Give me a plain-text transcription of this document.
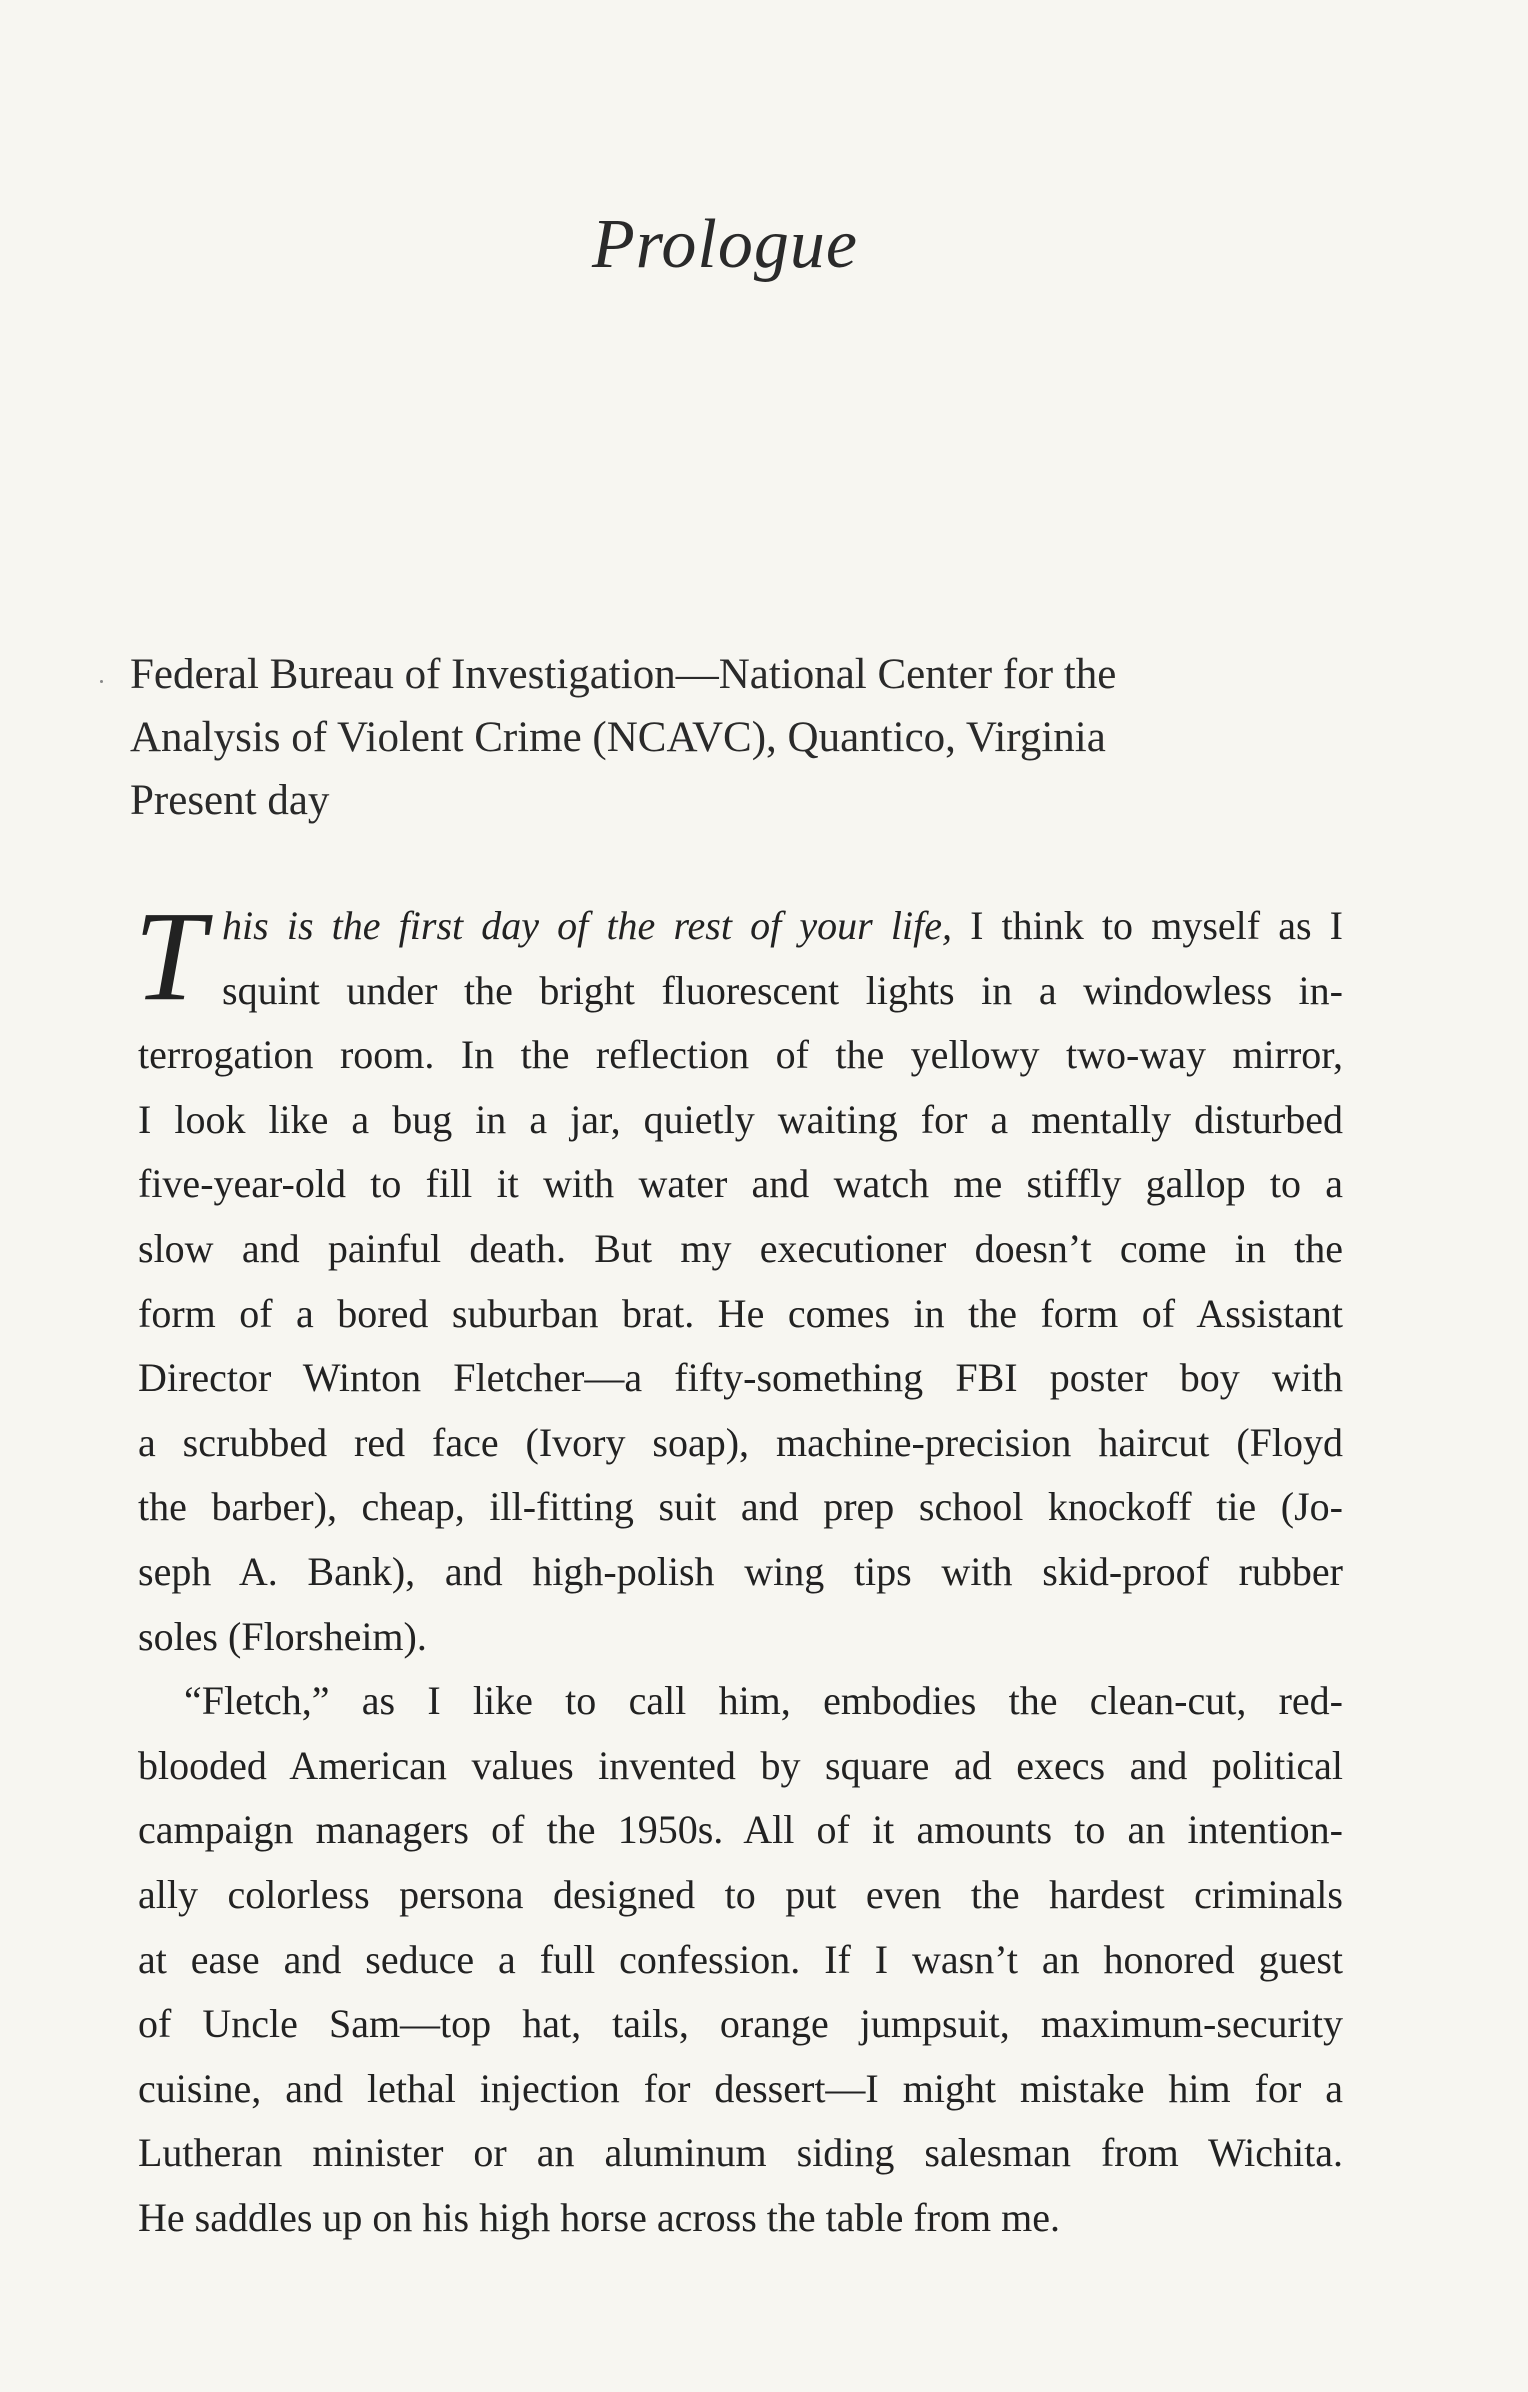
Prologue
Federal Bureau of Investigation—National Center for the
Analysis of Violent Crime (NCAVC), Quantico, Virginia
Present day
T his is the first day of the rest of your life, I think to myself as I
squint under the bright fluorescent lights in a windowless in-
terrogation room. In the reflection of the yellowy two-way mirror,
I look like a bug in a jar, quietly waiting for a mentally disturbed
five-year-old to fill it with water and watch me stiffly gallop to a
slow and painful death. But my executioner doesn’t come in the
form of a bored suburban brat. He comes in the form of Assistant
Director Winton Fletcher—a fifty-something FBI poster boy with
a scrubbed red face (Ivory soap), machine-precision haircut (Floyd
the barber), cheap, ill-fitting suit and prep school knockoff tie (Jo-
seph A. Bank), and high-polish wing tips with skid-proof rubber
soles (Florsheim).
“Fletch,” as I like to call him, embodies the clean-cut, red-
blooded American values invented by square ad execs and political
campaign managers of the 1950s. All of it amounts to an intention-
ally colorless persona designed to put even the hardest criminals
at ease and seduce a full confession. If I wasn’t an honored guest
of Uncle Sam—top hat, tails, orange jumpsuit, maximum-security
cuisine, and lethal injection for dessert—I might mistake him for a
Lutheran minister or an aluminum siding salesman from Wichita.
He saddles up on his high horse across the table from me.
